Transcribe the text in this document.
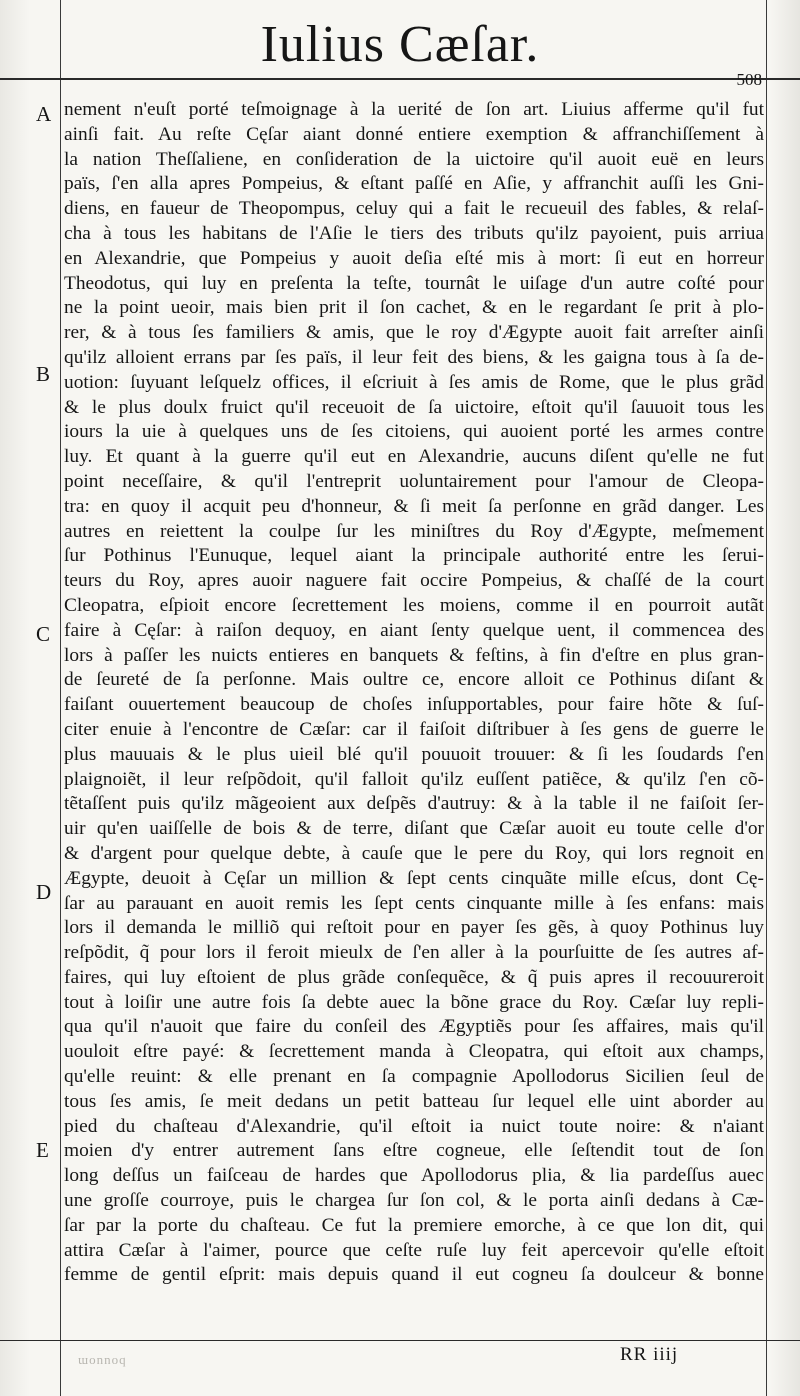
Iulius Cæſar.
508
A
B
C
D
E
nement n'euſt porté teſmoignage à la uerité de ſon art. Liuius afferme qu'il fut
ainſi fait. Au reſte Cęſar aiant donné entiere exemption & affranchiſſement à
la nation Theſſaliene, en conſideration de la uictoire qu'il auoit euë en leurs
païs, ſ'en alla apres Pompeius, & eſtant paſſé en Aſie, y affranchit auſſi les Gni-
diens, en faueur de Theopompus, celuy qui a fait le recueuil des fables, & relaſ-
cha à tous les habitans de l'Aſie le tiers des tributs qu'ilz payoient, puis arriua
en Alexandrie, que Pompeius y auoit deſia eſté mis à mort: ſi eut en horreur
Theodotus, qui luy en preſenta la teſte, tournât le uiſage d'un autre coſté pour
ne la point ueoir, mais bien prit il ſon cachet, & en le regardant ſe prit à plo-
rer, & à tous ſes familiers & amis, que le roy d'Ægypte auoit fait arreſter ainſi
qu'ilz alloient errans par ſes païs, il leur feit des biens, & les gaigna tous à ſa de-
uotion: ſuyuant leſquelz offices, il eſcriuit à ſes amis de Rome, que le plus grãd
& le plus doulx fruict qu'il receuoit de ſa uictoire, eſtoit qu'il ſauuoit tous les
iours la uie à quelques uns de ſes citoiens, qui auoient porté les armes contre
luy. Et quant à la guerre qu'il eut en Alexandrie, aucuns diſent qu'elle ne fut
point neceſſaire, & qu'il l'entreprit uoluntairement pour l'amour de Cleopa-
tra: en quoy il acquit peu d'honneur, & ſi meit ſa perſonne en grãd danger. Les
autres en reiettent la coulpe ſur les miniſtres du Roy d'Ægypte, meſmement
ſur Pothinus l'Eunuque, lequel aiant la principale authorité entre les ſerui-
teurs du Roy, apres auoir naguere fait occire Pompeius, & chaſſé de la court
Cleopatra, eſpioit encore ſecrettement les moiens, comme il en pourroit autãt
faire à Cęſar: à raiſon dequoy, en aiant ſenty quelque uent, il commencea des
lors à paſſer les nuicts entieres en banquets & feſtins, à fin d'eſtre en plus gran-
de ſeureté de ſa perſonne. Mais oultre ce, encore alloit ce Pothinus diſant &
faiſant ouuertement beaucoup de choſes inſupportables, pour faire hõte & ſuſ-
citer enuie à l'encontre de Cæſar: car il faiſoit diſtribuer à ſes gens de guerre le
plus mauuais & le plus uieil blé qu'il pouuoit trouuer: & ſi les ſoudards ſ'en
plaignoiẽt, il leur reſpõdoit, qu'il falloit qu'ilz euſſent patiẽce, & qu'ilz ſ'en cõ-
tẽtaſſent puis qu'ilz mãgeoient aux deſpẽs d'autruy: & à la table il ne faiſoit ſer-
uir qu'en uaiſſelle de bois & de terre, diſant que Cæſar auoit eu toute celle d'or
& d'argent pour quelque debte, à cauſe que le pere du Roy, qui lors regnoit en
Ægypte, deuoit à Cęſar un million & ſept cents cinquãte mille eſcus, dont Cę-
ſar au parauant en auoit remis les ſept cents cinquante mille à ſes enfans: mais
lors il demanda le milliõ qui reſtoit pour en payer ſes gẽs, à quoy Pothinus luy
reſpõdit, q̃ pour lors il feroit mieulx de ſ'en aller à la pourſuitte de ſes autres af-
faires, qui luy eſtoient de plus grãde conſequẽce, & q̃ puis apres il recouureroit
tout à loiſir une autre fois ſa debte auec la bõne grace du Roy. Cæſar luy repli-
qua qu'il n'auoit que faire du conſeil des Ægyptiẽs pour ſes affaires, mais qu'il
uouloit eſtre payé: & ſecrettement manda à Cleopatra, qui eſtoit aux champs,
qu'elle reuint: & elle prenant en ſa compagnie Apollodorus Sicilien ſeul de
tous ſes amis, ſe meit dedans un petit batteau ſur lequel elle uint aborder au
pied du chaſteau d'Alexandrie, qu'il eſtoit ia nuict toute noire: & n'aiant
moien d'y entrer autrement ſans eſtre cogneue, elle ſeſtendit tout de ſon
long deſſus un faiſceau de hardes que Apollodorus plia, & lia pardeſſus auec
une groſſe courroye, puis le chargea ſur ſon col, & le porta ainſi dedans à Cæ-
ſar par la porte du chaſteau. Ce fut la premiere emorche, à ce que lon dit, qui
attira Cæſar à l'aimer, pource que ceſte ruſe luy feit apercevoir qu'elle eſtoit
femme de gentil eſprit: mais depuis quand il eut cogneu ſa doulceur & bonne
ɯonnoq	RR iiij
